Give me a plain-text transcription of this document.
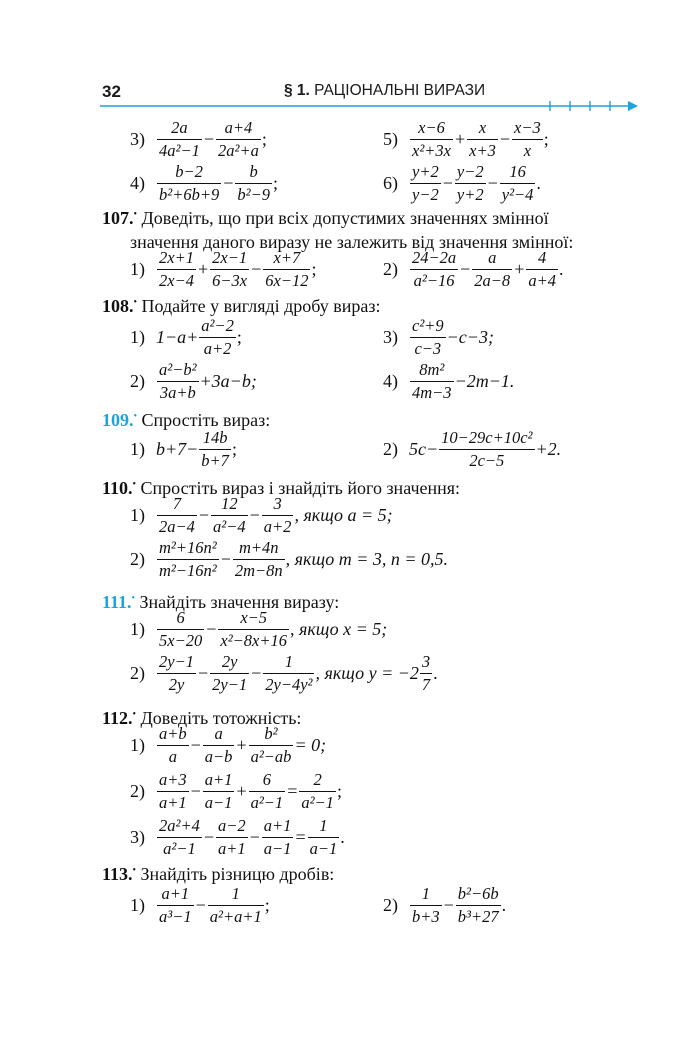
32	§ 1. РАЦІОНАЛЬНІ ВИРАЗИ
$3) \frac{2a}{\text{4a²−1}} - \frac{a+4}{\text{2a²+a}}$ ;	$5) \frac{x-6}{\text{x²+3x}} + \frac{x}{x+3} - \frac{x-3}{x}$ ;
$4) \frac{b-2}{\text{b²+6b+9}} - \frac{b}{\text{b²−9}}$ ;	$6) \frac{y+2}{y-2} - \frac{y-2}{y+2} - \frac{16}{\text{y²−4}}$ .
$1) \frac{2x+1}{2x-4} + \frac{2x-1}{6-3x} - \frac{x+7}{6x-12}$ ;	$2) \frac{24-2a}{\text{a²−16}} - \frac{a}{2a-8} + \frac{4}{a+4}$ .
1) $1-a+ \frac{\text{a²−2}}{a+2}$ ;	$3) \frac{\text{c²+9}}{c-3} -c-3$;
$2) \frac{\text{a²−b²}}{3a+b} +3a-b$;	$4) \frac{\text{8m²}}{4m-3} -2m-1$.
1) $b+7- \frac{14b}{b+7}$ ;	2) $5c- \frac{\text{10−29c+10c²}}{2c-5} +2$.
$1) \frac{7}{2a-4} - \frac{12}{\text{a²−4}} - \frac{3}{a+2}$ , якщо a = 5;
$2) \frac{\text{m²+16n²}}{\text{m²−16n²}} - \frac{m+4n}{2m-8n}$ , якщо m = 3, n = 0,5.
$1) \frac{6}{5x-20} - \frac{x-5}{\text{x²−8x+16}}$ , якщо x = 5;
$2) \frac{2y-1}{2y} - \frac{2y}{2y-1} - \frac{1}{\text{2y−4y²}}$ , якщо $y = -2 \frac{3}{7}$ .
$1) \frac{a+b}{a} - \frac{a}{a-b} + \frac{\text{b²}}{\text{a²−ab}} = 0$;
$2) \frac{a+3}{a+1} - \frac{a+1}{a-1} + \frac{6}{\text{a²−1}} = \frac{2}{\text{a²−1}}$ ;
$3) \frac{\text{2a²+4}}{\text{a²−1}} - \frac{a-2}{a+1} - \frac{a+1}{a-1} = \frac{1}{a-1}$ .
$1) \frac{a+1}{\text{a³−1}} - \frac{1}{\text{a²+a+1}}$ ;	$2) \frac{1}{b+3} - \frac{\text{b²−6b}}{\text{b³+27}}$ .
107.• Доведіть, що при всіх допустимих значеннях змінної
значення даного виразу не залежить від значення змінної:
108.• Подайте у вигляді дробу вираз:
109.• Спростіть вираз:
110.• Спростіть вираз і знайдіть його значення:
111.• Знайдіть значення виразу:
112.• Доведіть тотожність:
113.• Знайдіть різницю дробів:
